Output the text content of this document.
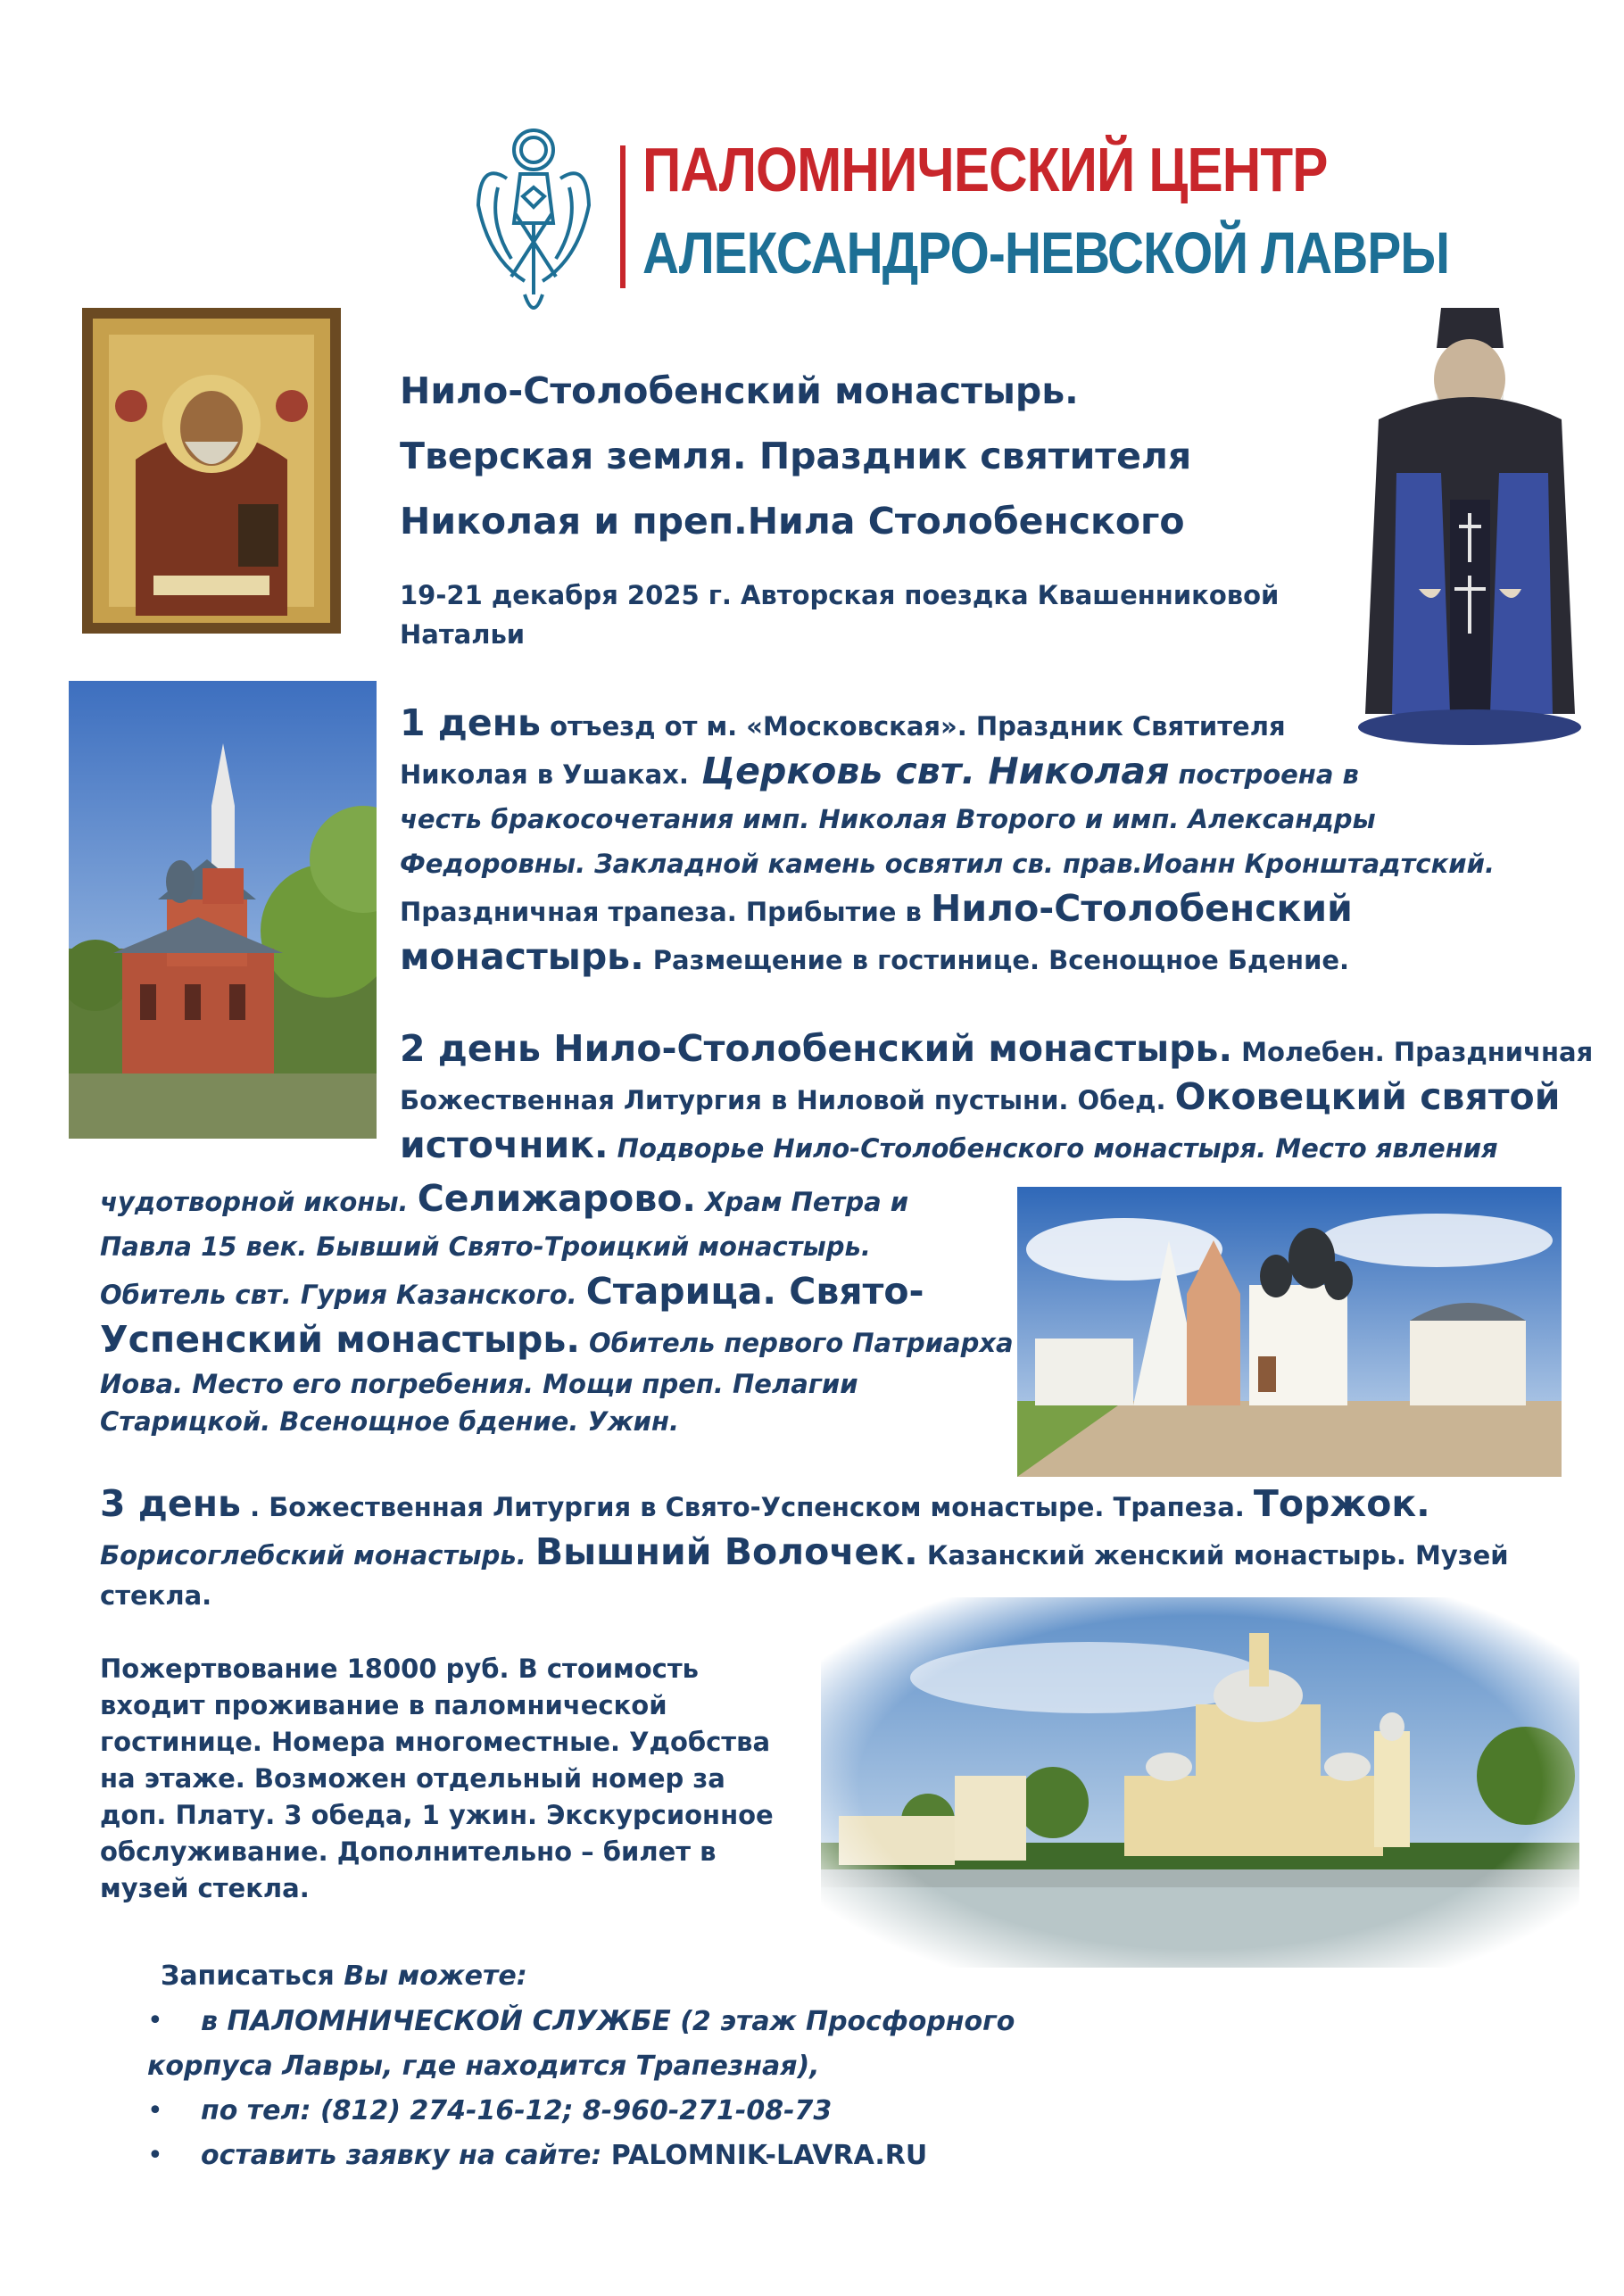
ПАЛОМНИЧЕСКИЙ ЦЕНТР
АЛЕКСАНДРО-НЕВСКОЙ ЛАВРЫ
Нило-Столобенский монастырь.
Тверская земля. Праздник святителя
Николая и преп.Нила Столобенского
19-21 декабря 2025 г. Авторская поездка Квашенниковой
Натальи
1 день отъезд от м. «Московская». Праздник Святителя
Николая в Ушаках. Церковь свт. Николая построена в
честь бракосочетания имп. Николая Второго и имп. Александры
Федоровны. Закладной камень освятил св. прав.Иоанн Кронштадтский.
Праздничная трапеза. Прибытие в Нило-Столобенский
монастырь. Размещение в гостинице. Всенощное Бдение.
2 день Нило-Столобенский монастырь. Молебен. Праздничная
Божественная Литургия в Ниловой пустыни. Обед. Оковецкий святой
источник. Подворье Нило-Столобенского монастыря. Место явления
чудотворной иконы. Селижарово. Храм Петра и
Павла 15 век. Бывший Свято-Троицкий монастырь.
Обитель свт. Гурия Казанского. Старица. Свято-
Успенский монастырь. Обитель первого Патриарха
Иова. Место его погребения. Мощи преп. Пелагии
Старицкой. Всенощное бдение. Ужин.
3 день . Божественная Литургия в Свято-Успенском монастыре. Трапеза. Торжок.
Борисоглебский монастырь. Вышний Волочек. Казанский женский монастырь. Музей
стекла.
Пожертвование 18000 руб. В стоимость
входит проживание в паломнической
гостинице. Номера многоместные. Удобства
на этаже. Возможен отдельный номер за
доп. Плату. 3 обеда, 1 ужин. Экскурсионное
обслуживание. Дополнительно – билет в
музей стекла.
Записаться Вы можете:
• в ПАЛОМНИЧЕСКОЙ СЛУЖБЕ (2 этаж Просфорного
корпуса Лавры, где находится Трапезная),
• по тел: (812) 274-16-12; 8-960-271-08-73
• оставить заявку на сайте: PALOMNIK-LAVRA.RU
